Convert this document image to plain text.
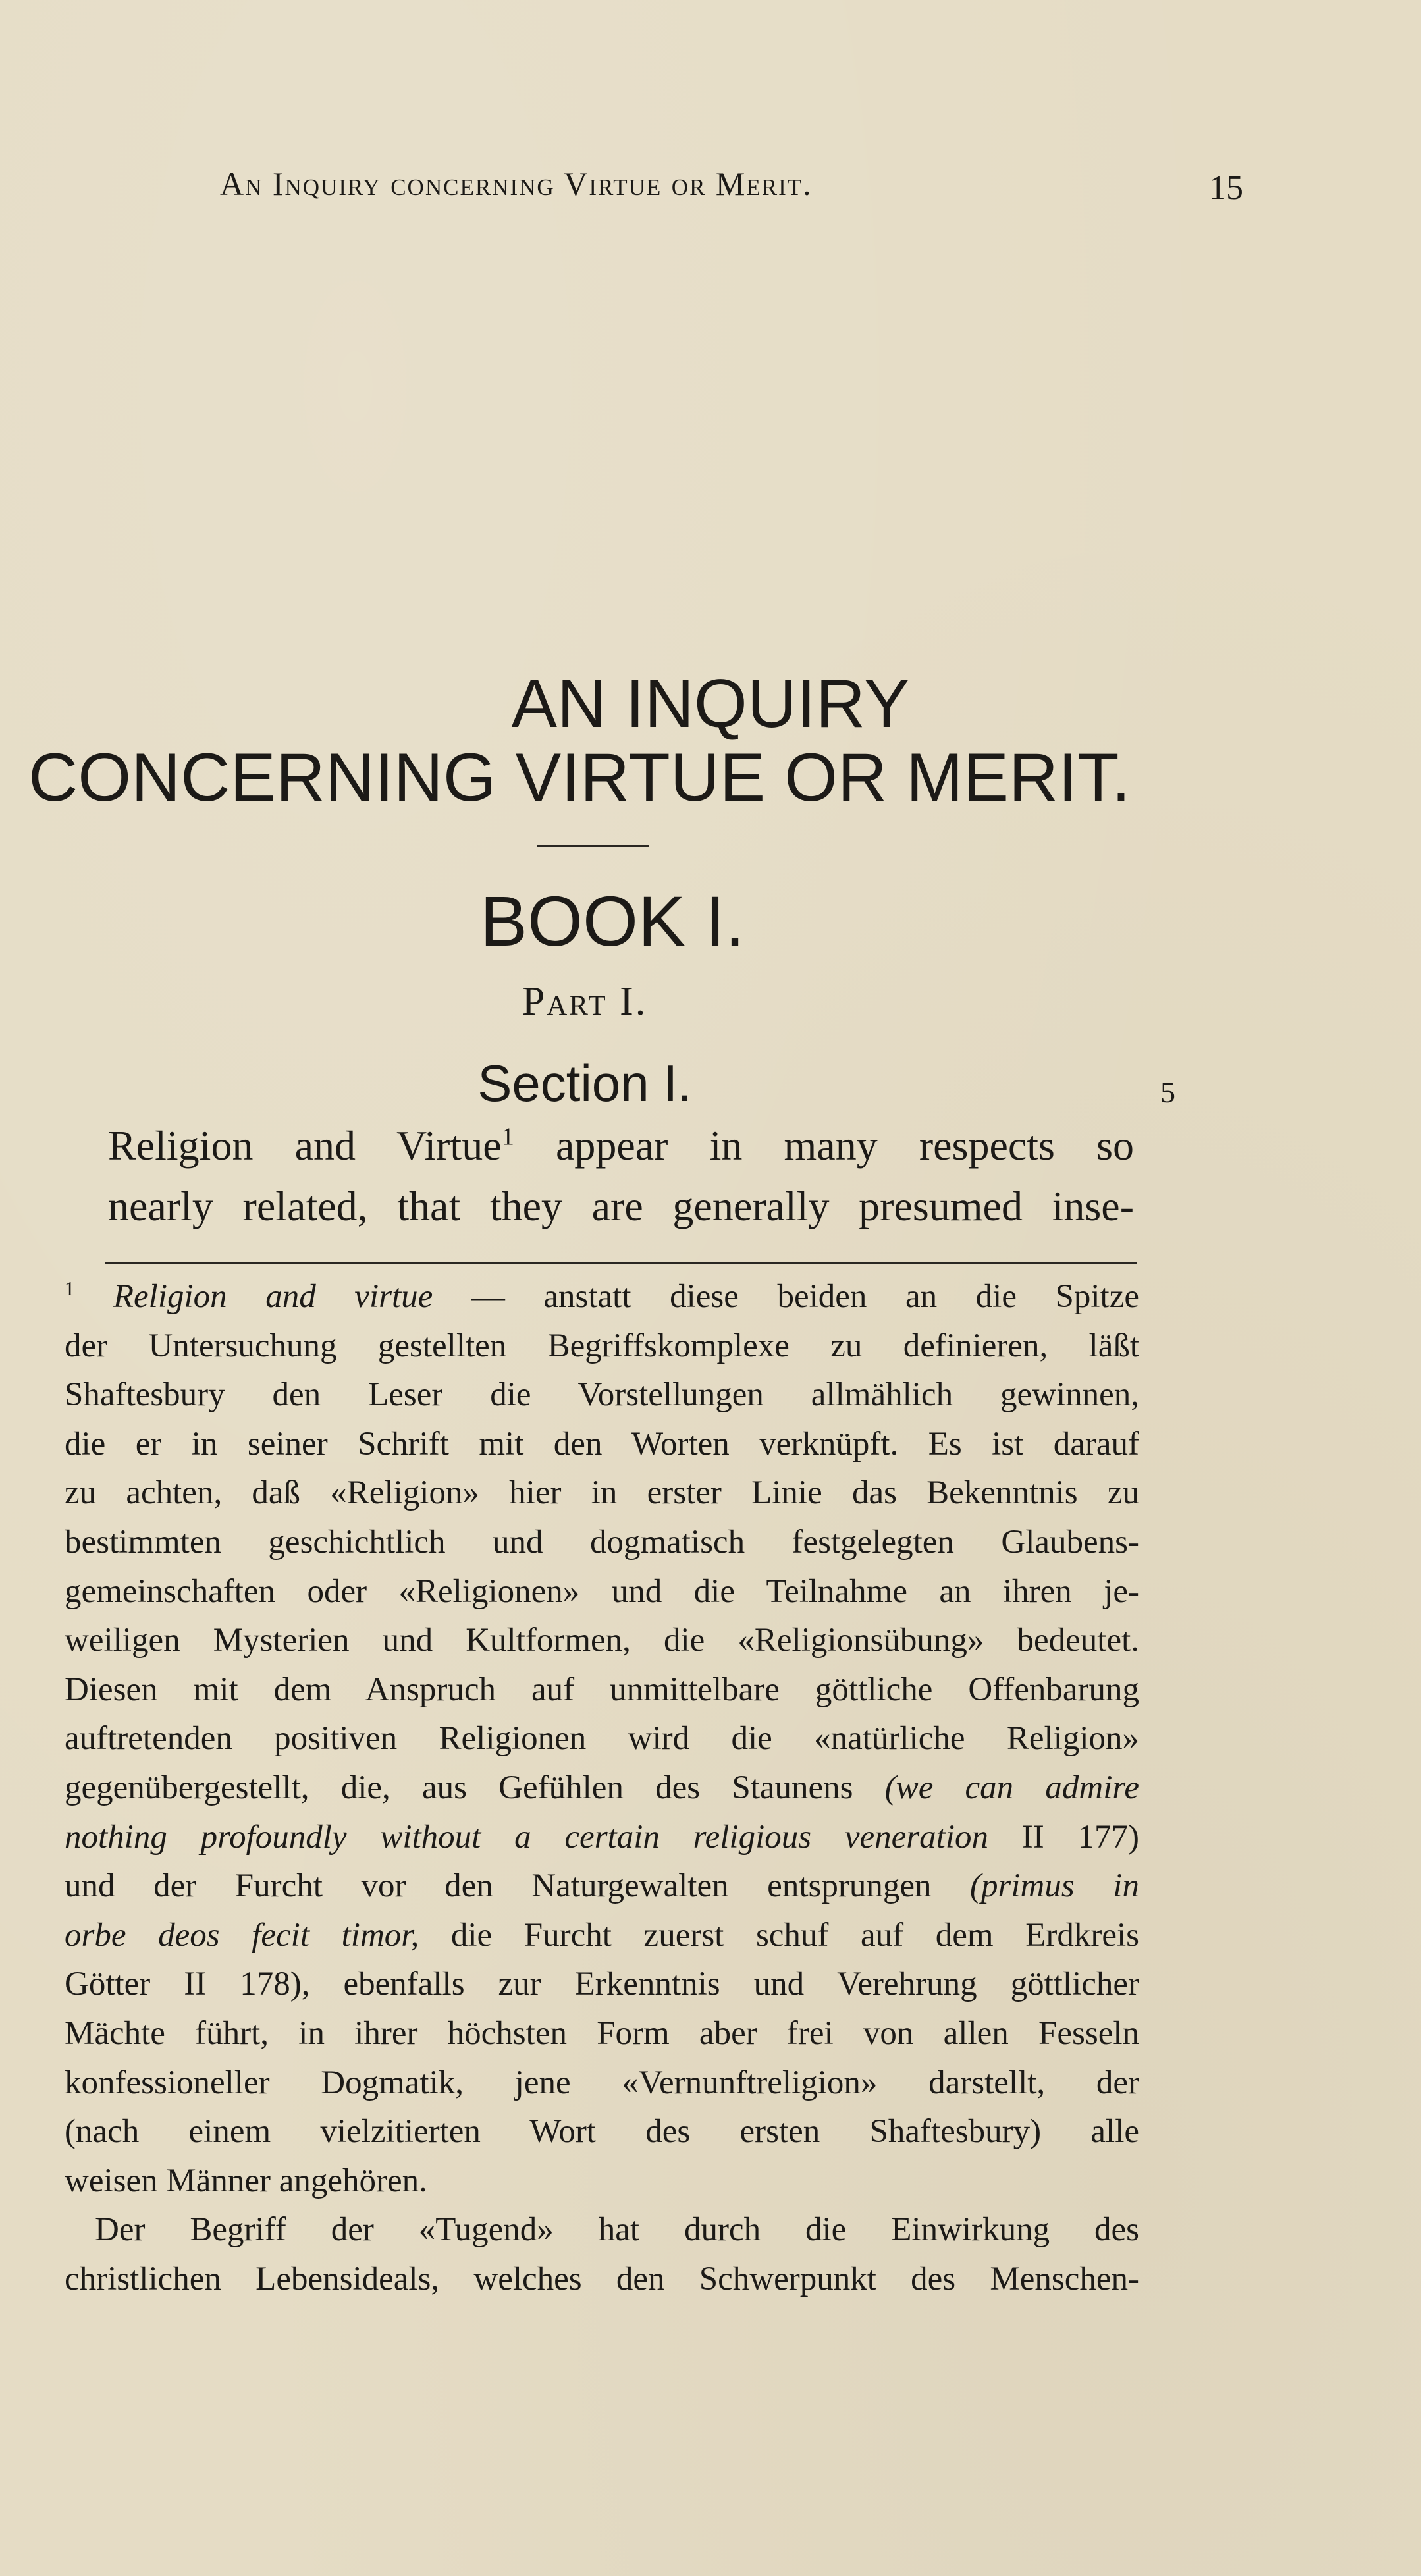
An Inquiry concerning Virtue or Merit.	15
AN INQUIRY
CONCERNING VIRTUE OR MERIT.
BOOK I.
Part I.
Section I.	5
Religion and Virtue$^1$ appear in many respects so
nearly related, that they are generally presumed inse-
$^1$ Religion and virtue — anstatt diese beiden an die Spitze
der Untersuchung gestellten Begriffskomplexe zu definieren, läßt
Shaftesbury den Leser die Vorstellungen allmählich gewinnen,
die er in seiner Schrift mit den Worten verknüpft. Es ist darauf
zu achten, daß «Religion» hier in erster Linie das Bekenntnis zu
bestimmten geschichtlich und dogmatisch festgelegten Glaubens-
gemeinschaften oder «Religionen» und die Teilnahme an ihren je-
weiligen Mysterien und Kultformen, die «Religionsübung» bedeutet.
Diesen mit dem Anspruch auf unmittelbare göttliche Offenbarung
auftretenden positiven Religionen wird die «natürliche Religion»
gegenübergestellt, die, aus Gefühlen des Staunens (we can admire
nothing profoundly without a certain religious veneration II 177)
und der Furcht vor den Naturgewalten entsprungen (primus in
orbe deos fecit timor, die Furcht zuerst schuf auf dem Erdkreis
Götter II 178), ebenfalls zur Erkenntnis und Verehrung göttlicher
Mächte führt, in ihrer höchsten Form aber frei von allen Fesseln
konfessioneller Dogmatik, jene «Vernunftreligion» darstellt, der
(nach einem vielzitierten Wort des ersten Shaftesbury) alle
weisen Männer angehören.
Der Begriff der «Tugend» hat durch die Einwirkung des
christlichen Lebensideals, welches den Schwerpunkt des Menschen-
